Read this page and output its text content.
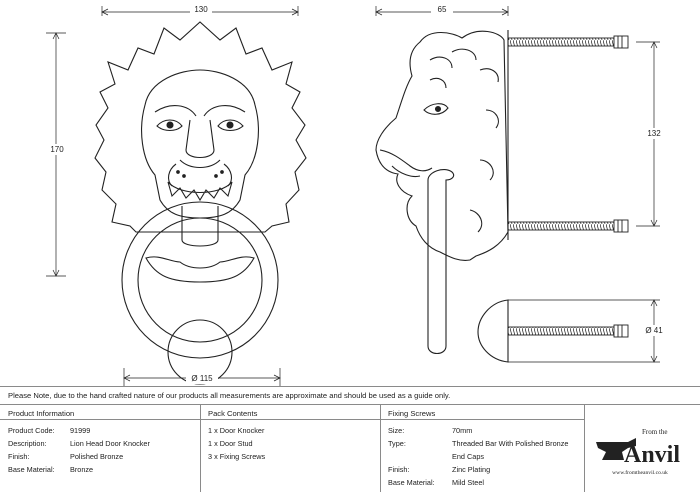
130
170
Ø 115
65
132
Ø 41
Please Note, due to the hand crafted nature of our products all measurements are approximate and should be used as a guide only.
Product Information
Product Code: 91999
Description:	Lion Head Door Knocker
Finish:	Polished Bronze
Base Material: Bronze
Pack Contents
1 x Door Knocker
1 x Door Stud
3 x Fixing Screws
Fixing Screws
Size:	70mm
Type:	Threaded Bar With Polished Bronze
End Caps
Finish:	Zinc Plating
Base Material: Mild Steel
From the
Anvil
www.fromtheanvil.co.uk
